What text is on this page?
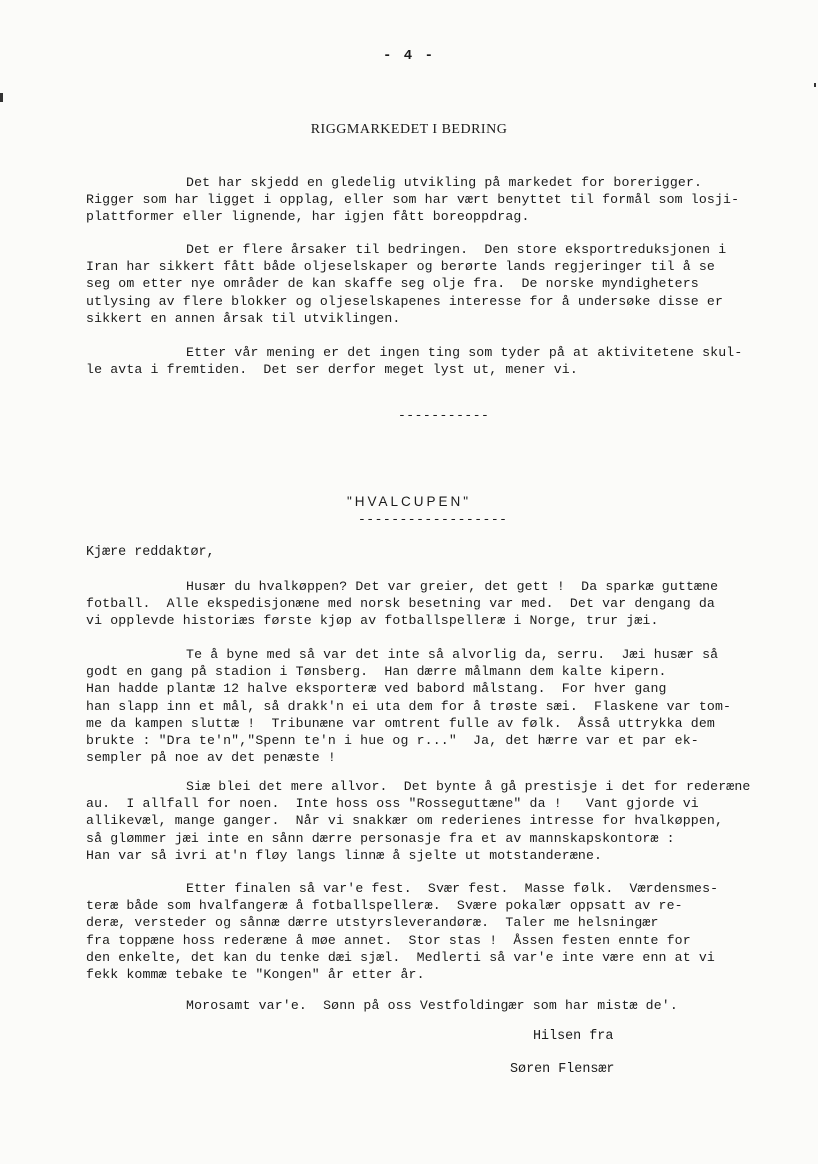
- 4 -
RIGGMARKEDET I BEDRING
Det har skjedd en gledelig utvikling på markedet for borerigger.
Rigger som har ligget i opplag, eller som har vært benyttet til formål som losji-
plattformer eller lignende, har igjen fått boreoppdrag.
Det er flere årsaker til bedringen.  Den store eksportreduksjonen i
Iran har sikkert fått både oljeselskaper og berørte lands regjeringer til å se
seg om etter nye områder de kan skaffe seg olje fra.  De norske myndigheters
utlysing av flere blokker og oljeselskapenes interesse for å undersøke disse er
sikkert en annen årsak til utviklingen.
Etter vår mening er det ingen ting som tyder på at aktivitetene skul-
le avta i fremtiden.  Det ser derfor meget lyst ut, mener vi.
-----------
"HVALCUPEN"
------------------
Kjære reddaktør,
Husær du hvalkøppen? Det var greier, det gett !  Da sparkæ guttæne
fotball.  Alle ekspedisjonæne med norsk besetning var med.  Det var dengang da
vi opplevde historiæs første kjøp av fotballspelleræ i Norge, trur jæi.
Te å byne med så var det inte så alvorlig da, serru.  Jæi husær så
godt en gang på stadion i Tønsberg.  Han dærre målmann dem kalte kipern.
Han hadde plantæ 12 halve eksporteræ ved babord målstang.  For hver gang
han slapp inn et mål, så drakk'n ei uta dem for å trøste sæi.  Flaskene var tom-
me da kampen sluttæ !  Tribunæne var omtrent fulle av følk.  Åsså uttrykka dem
brukte : "Dra te'n","Spenn te'n i hue og r..."  Ja, det hærre var et par ek-
sempler på noe av det penæste !
Siæ blei det mere allvor.  Det bynte å gå prestisje i det for rederæne
au.  I allfall for noen.  Inte hoss oss "Rosseguttæne" da !   Vant gjorde vi
allikevæl, mange ganger.  Når vi snakkær om rederienes intresse for hvalkøppen,
så glømmer jæi inte en sånn dærre personasje fra et av mannskapskontoræ :
Han var så ivri at'n fløy langs linnæ å sjelte ut motstanderæne.
Etter finalen så var'e fest.  Svær fest.  Masse følk.  Værdensmes-
teræ både som hvalfangeræ å fotballspelleræ.  Svære pokalær oppsatt av re-
deræ, versteder og sånnæ dærre utstyrsleverandøræ.  Taler me helsningær
fra toppæne hoss rederæne å møe annet.  Stor stas !  Åssen festen ennte for
den enkelte, det kan du tenke dæi sjæl.  Medlerti så var'e inte være enn at vi
fekk kommæ tebake te "Kongen" år etter år.
Morosamt var'e.  Sønn på oss Vestfoldingær som har mistæ de'.
Hilsen fra
Søren Flensær
